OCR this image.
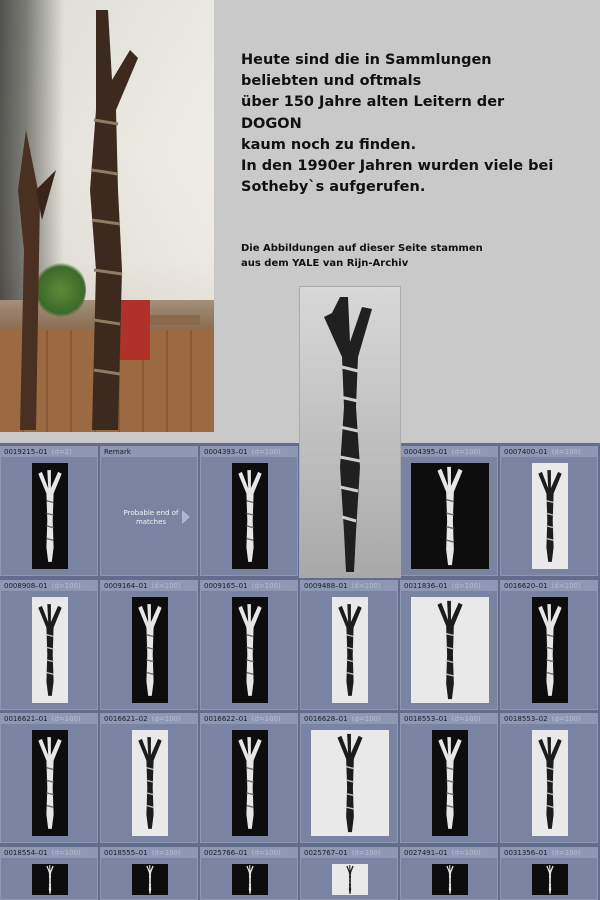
Heute sind die in Sammlungen
beliebten und oftmals
über 150 Jahre alten Leitern der
DOGON
kaum noch zu finden.
In den 1990er Jahren wurden viele bei
Sotheby`s aufgerufen.
Die Abbildungen auf dieser Seite stammen
aus dem YALE van Rijn-Archiv
0019215–01 (d=2)	Remark
Probable end of matches
0004393–01 (d=100)	0004395–01 (d=100)	0007400–01 (d=100)
0008908–01 (d=100)	0009164–01 (d=100)	0009165–01 (d=100)	0009488–01 (d=100)	0011836–01 (d=100)	0016620–01 (d=100)
0016621–01 (d=100)	0016621–02 (d=100)	0016622–01 (d=100)	0016628–01 (d=100)	0018553–01 (d=100)	0018553–02 (d=100)
0018554–01 (d=100)	0018555–01 (d=100)	0025766–01 (d=100)	0025767–01 (d=100)	0027491–01 (d=100)	0031356–01 (d=100)
